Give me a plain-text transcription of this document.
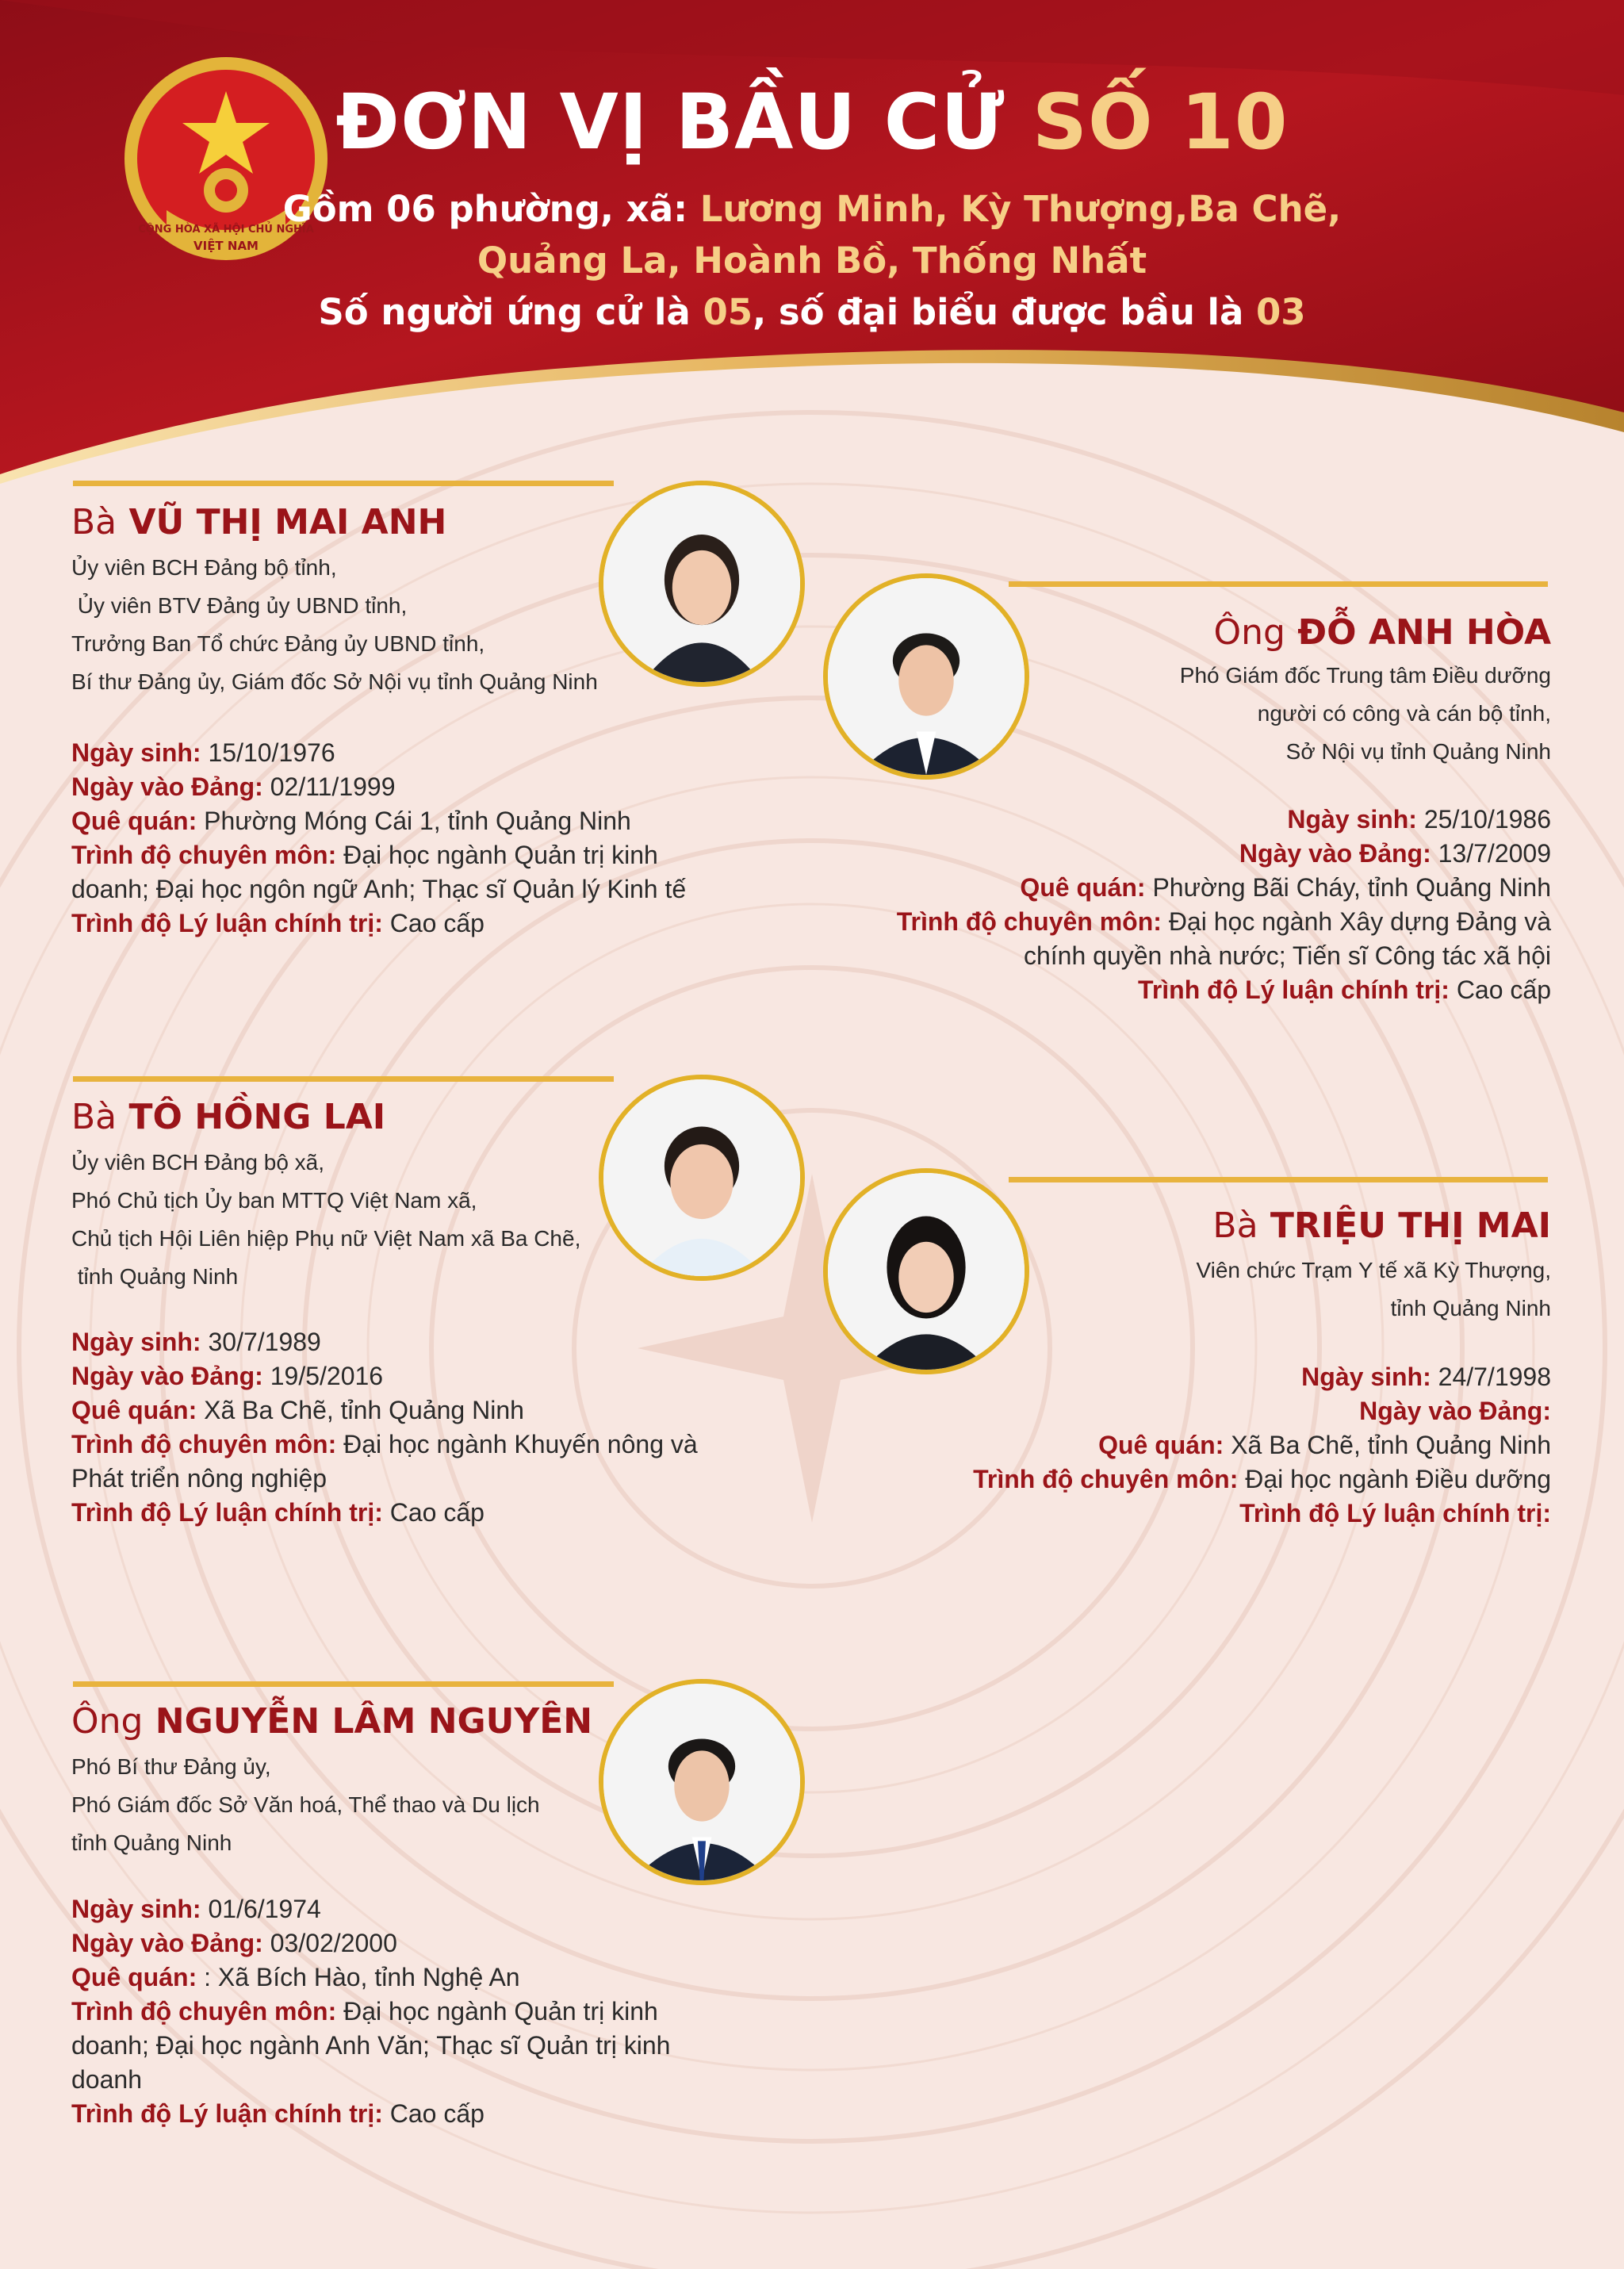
CỘNG HÒA XÃ HỘI CHỦ NGHĨA
VIỆT NAM
ĐƠN VỊ BẦU CỬ SỐ 10
Gồm 06 phường, xã: Lương Minh, Kỳ Thượng,Ba Chẽ,
Quảng La, Hoành Bồ, Thống Nhất
Số người ứng cử là 05, số đại biểu được bầu là 03
Bà VŨ THỊ MAI ANH
Ủy viên BCH Đảng bộ tỉnh,
Ủy viên BTV Đảng ủy UBND tỉnh,
Trưởng Ban Tổ chức Đảng ủy UBND tỉnh,
Bí thư Đảng ủy, Giám đốc Sở Nội vụ tỉnh Quảng Ninh
Ngày sinh: 15/10/1976
Ngày vào Đảng: 02/11/1999
Quê quán: Phường Móng Cái 1, tỉnh Quảng Ninh
Trình độ chuyên môn: Đại học ngành Quản trị kinh doanh; Đại học ngôn ngữ Anh; Thạc sĩ Quản lý Kinh tế
Trình độ Lý luận chính trị: Cao cấp
Ông ĐỖ ANH HÒA
Phó Giám đốc Trung tâm Điều dưỡng
người có công và cán bộ tỉnh,
Sở Nội vụ tỉnh Quảng Ninh
Ngày sinh: 25/10/1986
Ngày vào Đảng: 13/7/2009
Quê quán: Phường Bãi Cháy, tỉnh Quảng Ninh
Trình độ chuyên môn: Đại học ngành Xây dựng Đảng và chính quyền nhà nước; Tiến sĩ Công tác xã hội
Trình độ Lý luận chính trị: Cao cấp
Bà TÔ HỒNG LAI
Ủy viên BCH Đảng bộ xã,
Phó Chủ tịch Ủy ban MTTQ Việt Nam xã,
Chủ tịch Hội Liên hiệp Phụ nữ Việt Nam xã Ba Chẽ,
tỉnh Quảng Ninh
Ngày sinh: 30/7/1989
Ngày vào Đảng: 19/5/2016
Quê quán: Xã Ba Chẽ, tỉnh Quảng Ninh
Trình độ chuyên môn: Đại học ngành Khuyến nông và Phát triển nông nghiệp
Trình độ Lý luận chính trị: Cao cấp
Bà TRIỆU THỊ MAI
Viên chức Trạm Y tế xã Kỳ Thượng,
tỉnh Quảng Ninh
Ngày sinh: 24/7/1998
Ngày vào Đảng:
Quê quán: Xã Ba Chẽ, tỉnh Quảng Ninh
Trình độ chuyên môn: Đại học ngành Điều dưỡng
Trình độ Lý luận chính trị:
Ông NGUYỄN LÂM NGUYÊN
Phó Bí thư Đảng ủy,
Phó Giám đốc Sở Văn hoá, Thể thao và Du lịch
tỉnh Quảng Ninh
Ngày sinh: 01/6/1974
Ngày vào Đảng: 03/02/2000
Quê quán: : Xã Bích Hào, tỉnh Nghệ An
Trình độ chuyên môn: Đại học ngành Quản trị kinh doanh; Đại học ngành Anh Văn; Thạc sĩ Quản trị kinh doanh
Trình độ Lý luận chính trị: Cao cấp
